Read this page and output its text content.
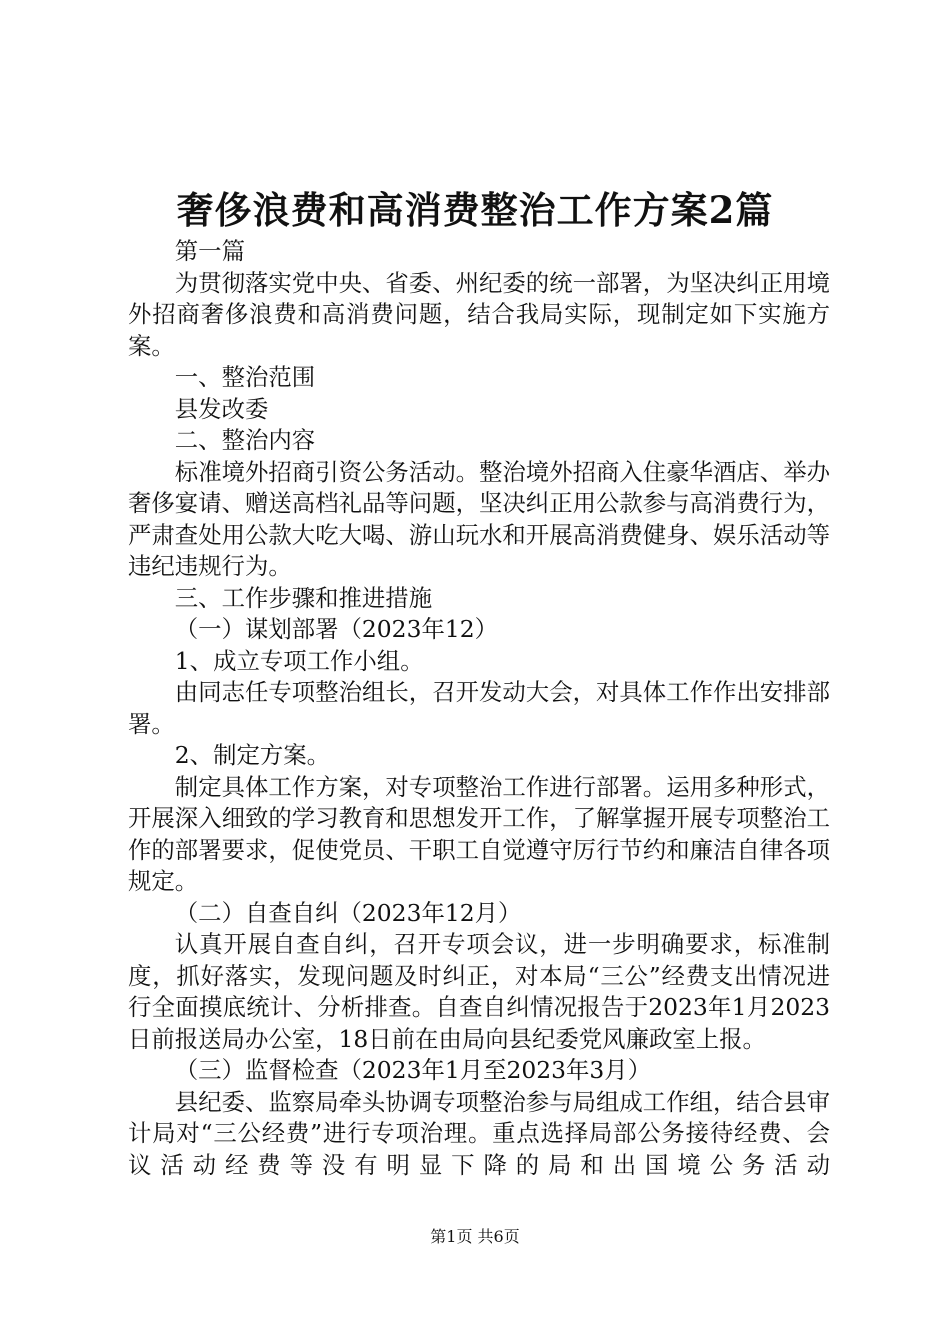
奢侈浪费和高消费整治工作方案2篇

第一篇

为贯彻落实党中央、省委、州纪委的统一部署，为坚决纠正用境外招商奢侈浪费和高消费问题，结合我局实际，现制定如下实施方案。

一、整治范围

县发改委

二、整治内容

标准境外招商引资公务活动。整治境外招商入住豪华酒店、举办奢侈宴请、赠送高档礼品等问题，坚决纠正用公款参与高消费行为，严肃查处用公款大吃大喝、游山玩水和开展高消费健身、娱乐活动等违纪违规行为。

三、工作步骤和推进措施

（一）谋划部署（2023年12）

1、成立专项工作小组。

由同志任专项整治组长，召开发动大会，对具体工作作出安排部署。

2、制定方案。

制定具体工作方案，对专项整治工作进行部署。运用多种形式，开展深入细致的学习教育和思想发开工作，了解掌握开展专项整治工作的部署要求，促使党员、干职工自觉遵守厉行节约和廉洁自律各项规定。

（二）自查自纠（2023年12月）

认真开展自查自纠，召开专项会议，进一步明确要求，标准制度，抓好落实，发现问题及时纠正，对本局“三公”经费支出情况进行全面摸底统计、分析排查。自查自纠情况报告于2023年1月2023日前报送局办公室，18日前在由局向县纪委党风廉政室上报。

（三）监督检查（2023年1月至2023年3月）

县纪委、监察局牵头协调专项整治参与局组成工作组，结合县审计局对“三公经费”进行专项治理。重点选择局部公务接待经费、会议活动经费等没有明显下降的局和出国境公务活动

第1页 共6页
